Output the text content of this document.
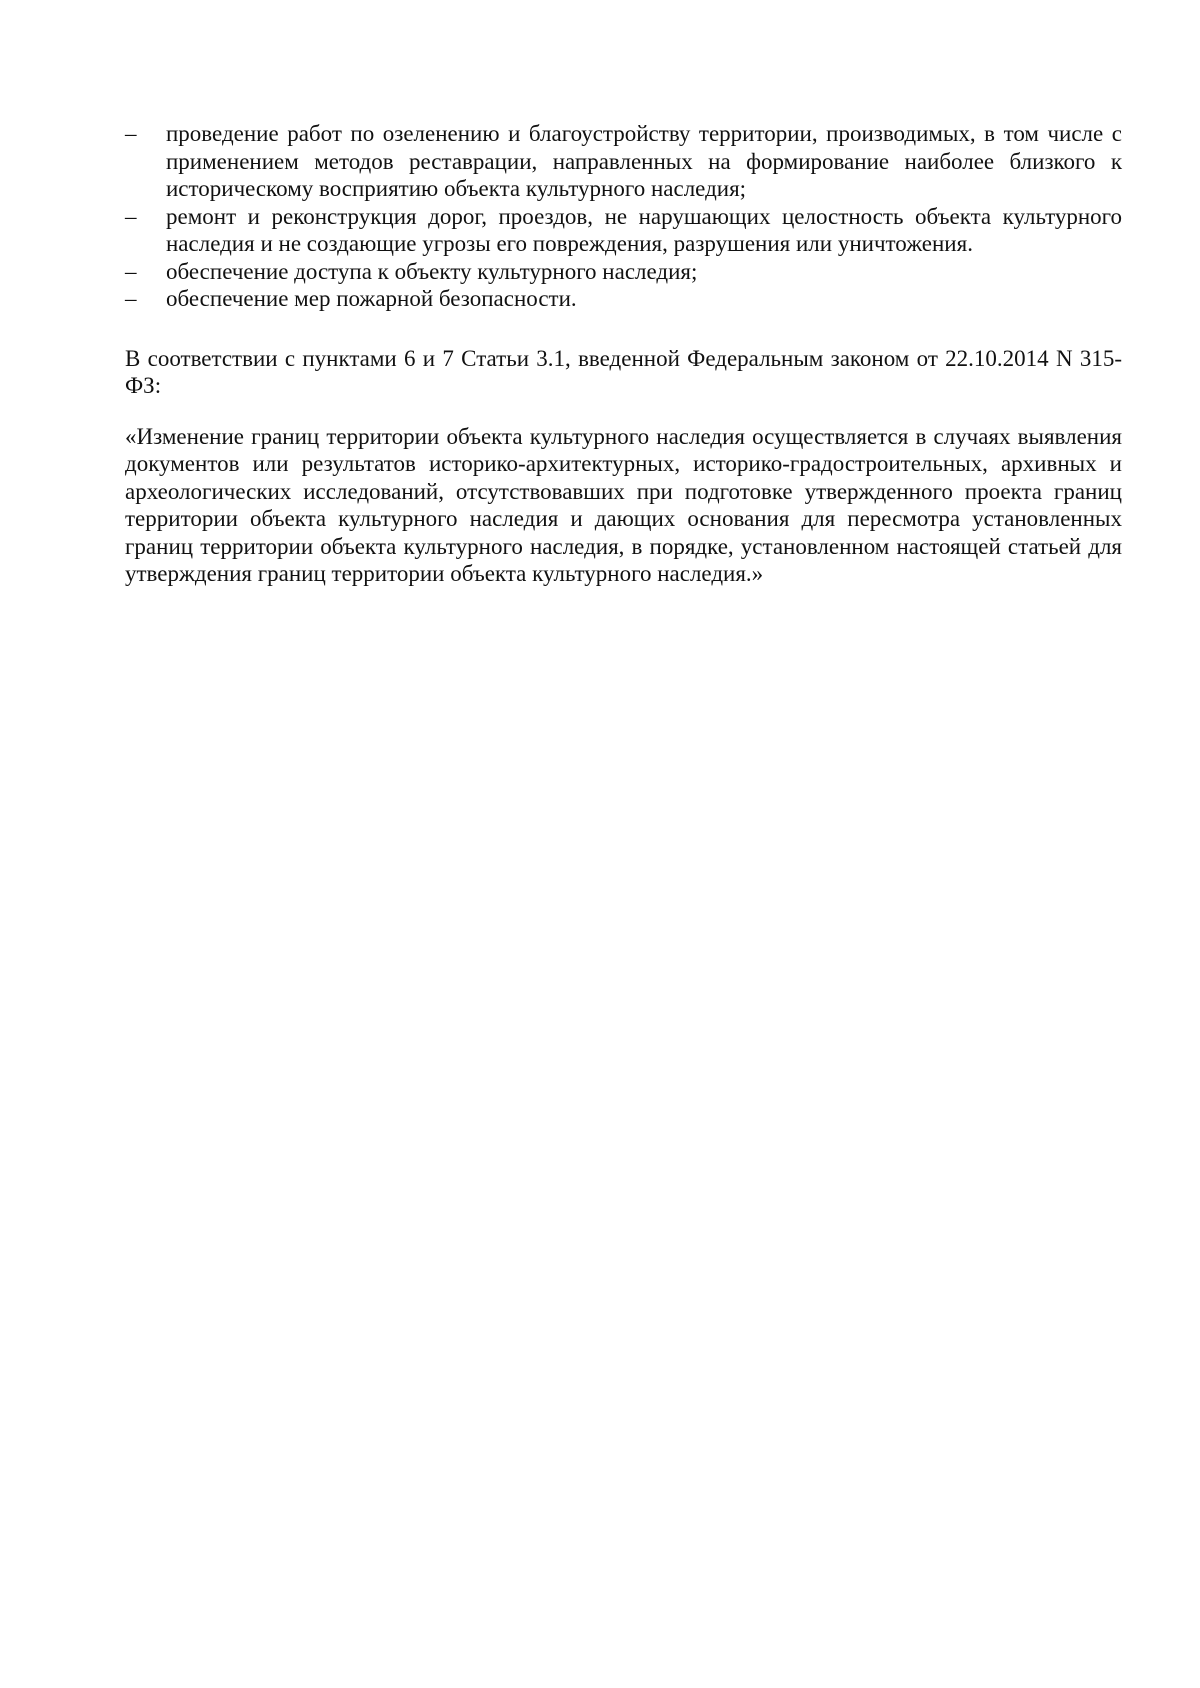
– проведение работ по озеленению и благоустройству территории, производимых, в том числе с применением методов реставрации, направленных на формирование наиболее близкого к историческому восприятию объекта культурного наследия;
– ремонт и реконструкция дорог, проездов, не нарушающих целостность объекта культурного наследия и не создающие угрозы его повреждения, разрушения или уничтожения.
– обеспечение доступа к объекту культурного наследия;
– обеспечение мер пожарной безопасности.

В соответствии с пунктами 6 и 7 Статьи 3.1, введенной Федеральным законом от 22.10.2014 N 315-ФЗ:

«Изменение границ территории объекта культурного наследия осуществляется в случаях выявления документов или результатов историко-архитектурных, историко-градостроительных, архивных и археологических исследований, отсутствовавших при подготовке утвержденного проекта границ территории объекта культурного наследия и дающих основания для пересмотра установленных границ территории объекта культурного наследия, в порядке, установленном настоящей статьей для утверждения границ территории объекта культурного наследия.»
